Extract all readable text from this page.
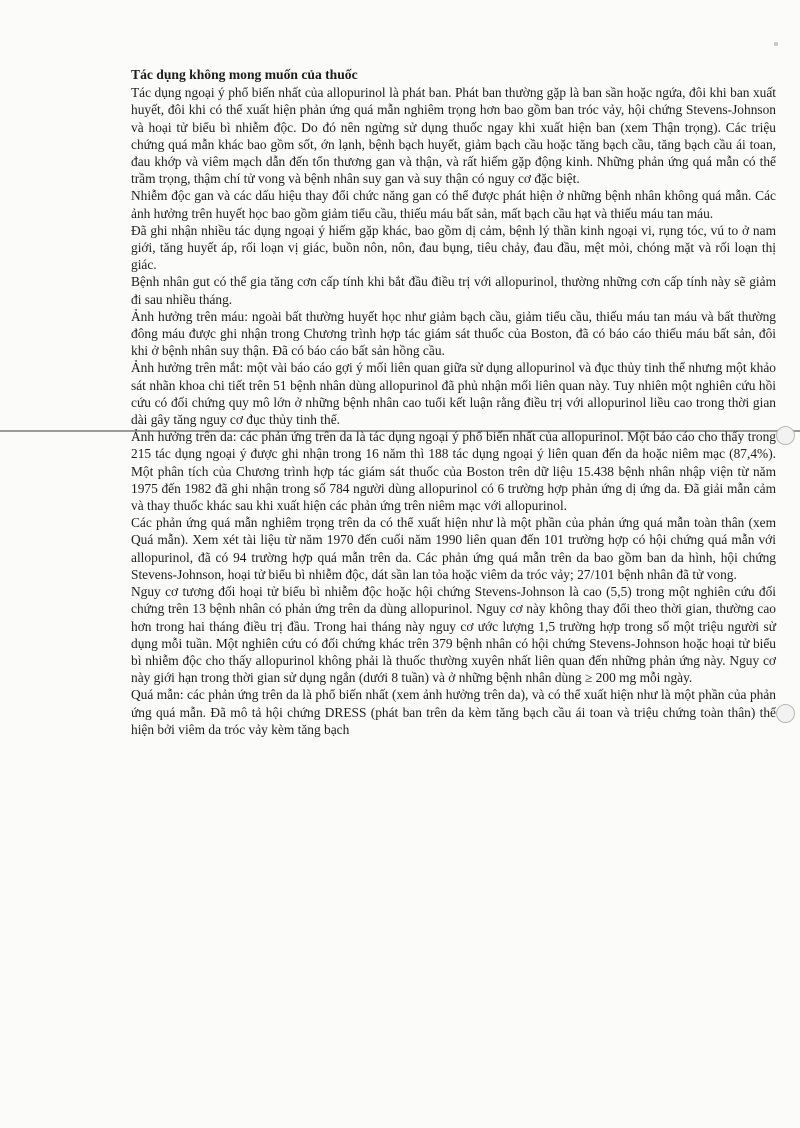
Tác dụng không mong muốn của thuốc

Tác dụng ngoại ý phổ biến nhất của allopurinol là phát ban. Phát ban thường gặp là ban sần hoặc ngứa, đôi khi ban xuất huyết, đôi khi có thể xuất hiện phản ứng quá mẫn nghiêm trọng hơn bao gồm ban tróc vảy, hội chứng Stevens-Johnson và hoại tử biểu bì nhiễm độc. Do đó nên ngừng sử dụng thuốc ngay khi xuất hiện ban (xem Thận trọng). Các triệu chứng quá mẫn khác bao gồm sốt, ớn lạnh, bệnh bạch huyết, giảm bạch cầu hoặc tăng bạch cầu, tăng bạch cầu ái toan, đau khớp và viêm mạch dẫn đến tổn thương gan và thận, và rất hiếm gặp động kinh. Những phản ứng quá mẫn có thể trầm trọng, thậm chí tử vong và bệnh nhân suy gan và suy thận có nguy cơ đặc biệt.

Nhiễm độc gan và các dấu hiệu thay đổi chức năng gan có thể được phát hiện ở những bệnh nhân không quá mẫn. Các ảnh hưởng trên huyết học bao gồm giảm tiểu cầu, thiếu máu bất sản, mất bạch cầu hạt và thiếu máu tan máu.

Đã ghi nhận nhiều tác dụng ngoại ý hiếm gặp khác, bao gồm dị cảm, bệnh lý thần kinh ngoại vi, rụng tóc, vú to ở nam giới, tăng huyết áp, rối loạn vị giác, buồn nôn, nôn, đau bụng, tiêu chảy, đau đầu, mệt mỏi, chóng mặt và rối loạn thị giác.

Bệnh nhân gut có thể gia tăng cơn cấp tính khi bắt đầu điều trị với allopurinol, thường những cơn cấp tính này sẽ giảm đi sau nhiều tháng.

Ảnh hưởng trên máu: ngoài bất thường huyết học như giảm bạch cầu, giảm tiểu cầu, thiếu máu tan máu và bất thường đông máu được ghi nhận trong Chương trình hợp tác giám sát thuốc của Boston, đã có báo cáo thiếu máu bất sản, đôi khi ở bệnh nhân suy thận. Đã có báo cáo bất sản hồng cầu.

Ảnh hưởng trên mắt: một vài báo cáo gợi ý mối liên quan giữa sử dụng allopurinol và đục thủy tinh thể nhưng một khảo sát nhãn khoa chi tiết trên 51 bệnh nhân dùng allopurinol đã phủ nhận mối liên quan này. Tuy nhiên một nghiên cứu hồi cứu có đối chứng quy mô lớn ở những bệnh nhân cao tuổi kết luận rằng điều trị với allopurinol liều cao trong thời gian dài gây tăng nguy cơ đục thủy tinh thể.

Ảnh hưởng trên da: các phản ứng trên da là tác dụng ngoại ý phổ biến nhất của allopurinol. Một báo cáo cho thấy trong 215 tác dụng ngoại ý được ghi nhận trong 16 năm thì 188 tác dụng ngoại ý liên quan đến da hoặc niêm mạc (87,4%). Một phân tích của Chương trình hợp tác giám sát thuốc của Boston trên dữ liệu 15.438 bệnh nhân nhập viện từ năm 1975 đến 1982 đã ghi nhận trong số 784 người dùng allopurinol có 6 trường hợp phản ứng dị ứng da. Đã giải mẫn cảm và thay thuốc khác sau khi xuất hiện các phản ứng trên niêm mạc với allopurinol.

Các phản ứng quá mẫn nghiêm trọng trên da có thể xuất hiện như là một phần của phản ứng quá mẫn toàn thân (xem Quá mẫn). Xem xét tài liệu từ năm 1970 đến cuối năm 1990 liên quan đến 101 trường hợp có hội chứng quá mẫn với allopurinol, đã có 94 trường hợp quá mẫn trên da. Các phản ứng quá mẫn trên da bao gồm ban da hình, hội chứng Stevens-Johnson, hoại tử biểu bì nhiễm độc, dát sần lan tỏa hoặc viêm da tróc vảy; 27/101 bệnh nhân đã tử vong.

Nguy cơ tương đối hoại tử biểu bì nhiễm độc hoặc hội chứng Stevens-Johnson là cao (5,5) trong một nghiên cứu đối chứng trên 13 bệnh nhân có phản ứng trên da dùng allopurinol. Nguy cơ này không thay đổi theo thời gian, thường cao hơn trong hai tháng điều trị đầu. Trong hai tháng này nguy cơ ước lượng 1,5 trường hợp trong số một triệu người sử dụng mỗi tuần. Một nghiên cứu có đối chứng khác trên 379 bệnh nhân có hội chứng Stevens-Johnson hoặc hoại tử biểu bì nhiễm độc cho thấy allopurinol không phải là thuốc thường xuyên nhất liên quan đến những phản ứng này. Nguy cơ này giới hạn trong thời gian sử dụng ngắn (dưới 8 tuần) và ở những bệnh nhân dùng ≥ 200 mg mỗi ngày.

Quá mẫn: các phản ứng trên da là phổ biến nhất (xem ảnh hưởng trên da), và có thể xuất hiện như là một phần của phản ứng quá mẫn. Đã mô tả hội chứng DRESS (phát ban trên da kèm tăng bạch cầu ái toan và triệu chứng toàn thân) thể hiện bởi viêm da tróc vảy kèm tăng bạch
